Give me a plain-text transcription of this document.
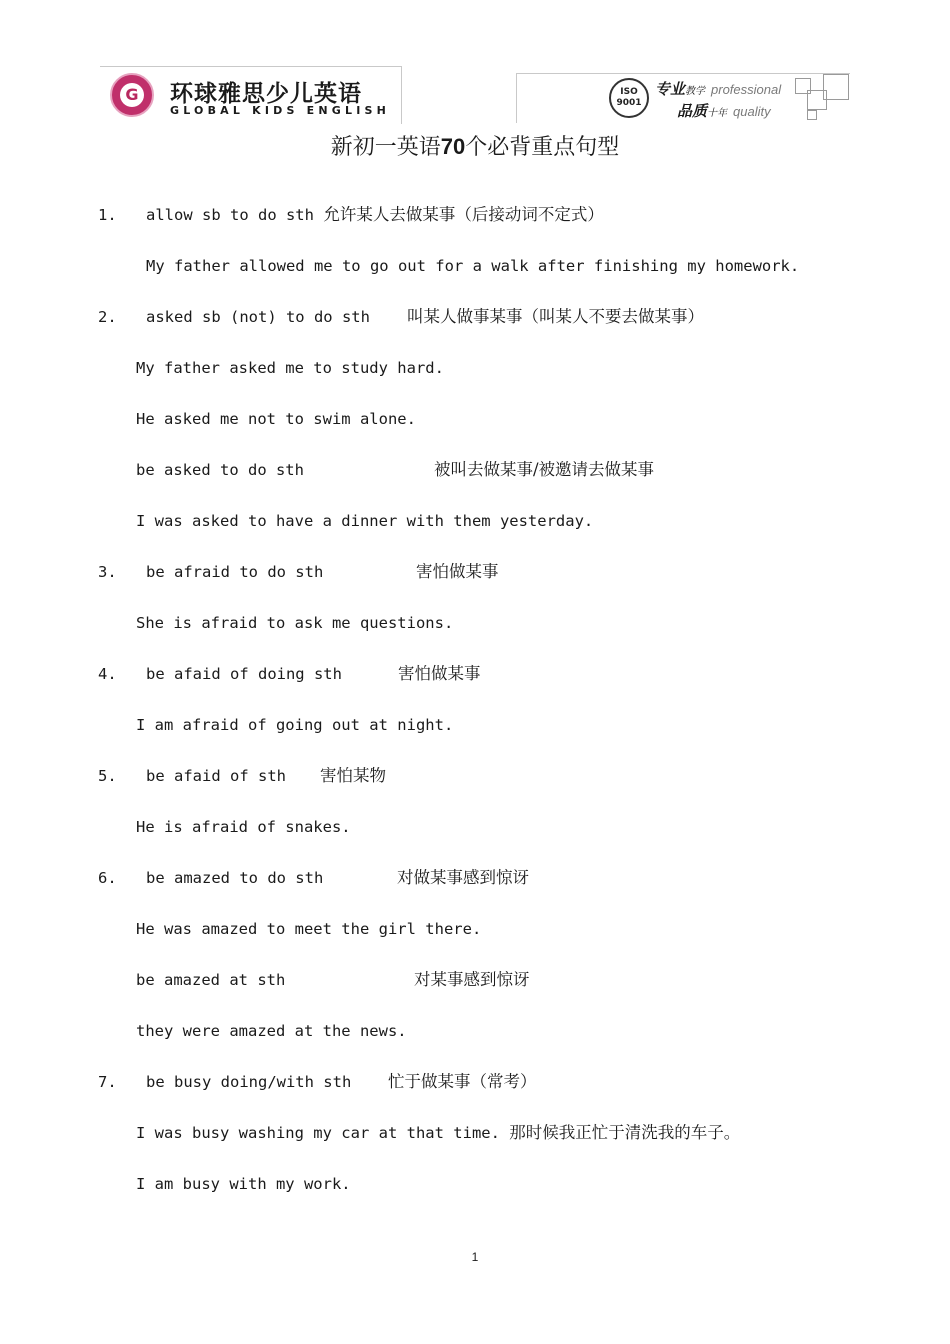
G 环球雅思少儿英语
GLOBAL KIDS ENGLISH
ISO
9001
专业教学 professional
品质十年 quality
新初一英语70个必背重点句型
1. allow sb to do sth 允许某人去做某事（后接动词不定式）
My father allowed me to go out for a walk after finishing my homework.
2. asked sb (not) to do sth 叫某人做事某事（叫某人不要去做某事）
My father asked me to study hard.
He asked me not to swim alone.
be asked to do sth	被叫去做某事/被邀请去做某事
I was asked to have a dinner with them yesterday.
3. be afraid to do sth	害怕做某事
She is afraid to ask me questions.
4. be afaid of doing sth	害怕做某事
I am afraid of going out at night.
5. be afaid of sth 害怕某物
He is afraid of snakes.
6. be amazed to do sth	对做某事感到惊讶
He was amazed to meet the girl there.
be amazed at sth	对某事感到惊讶
they were amazed at the news.
7. be busy doing/with sth 忙于做某事（常考）
I was busy washing my car at that time. 那时候我正忙于清洗我的车子。
I am busy with my work.
1
